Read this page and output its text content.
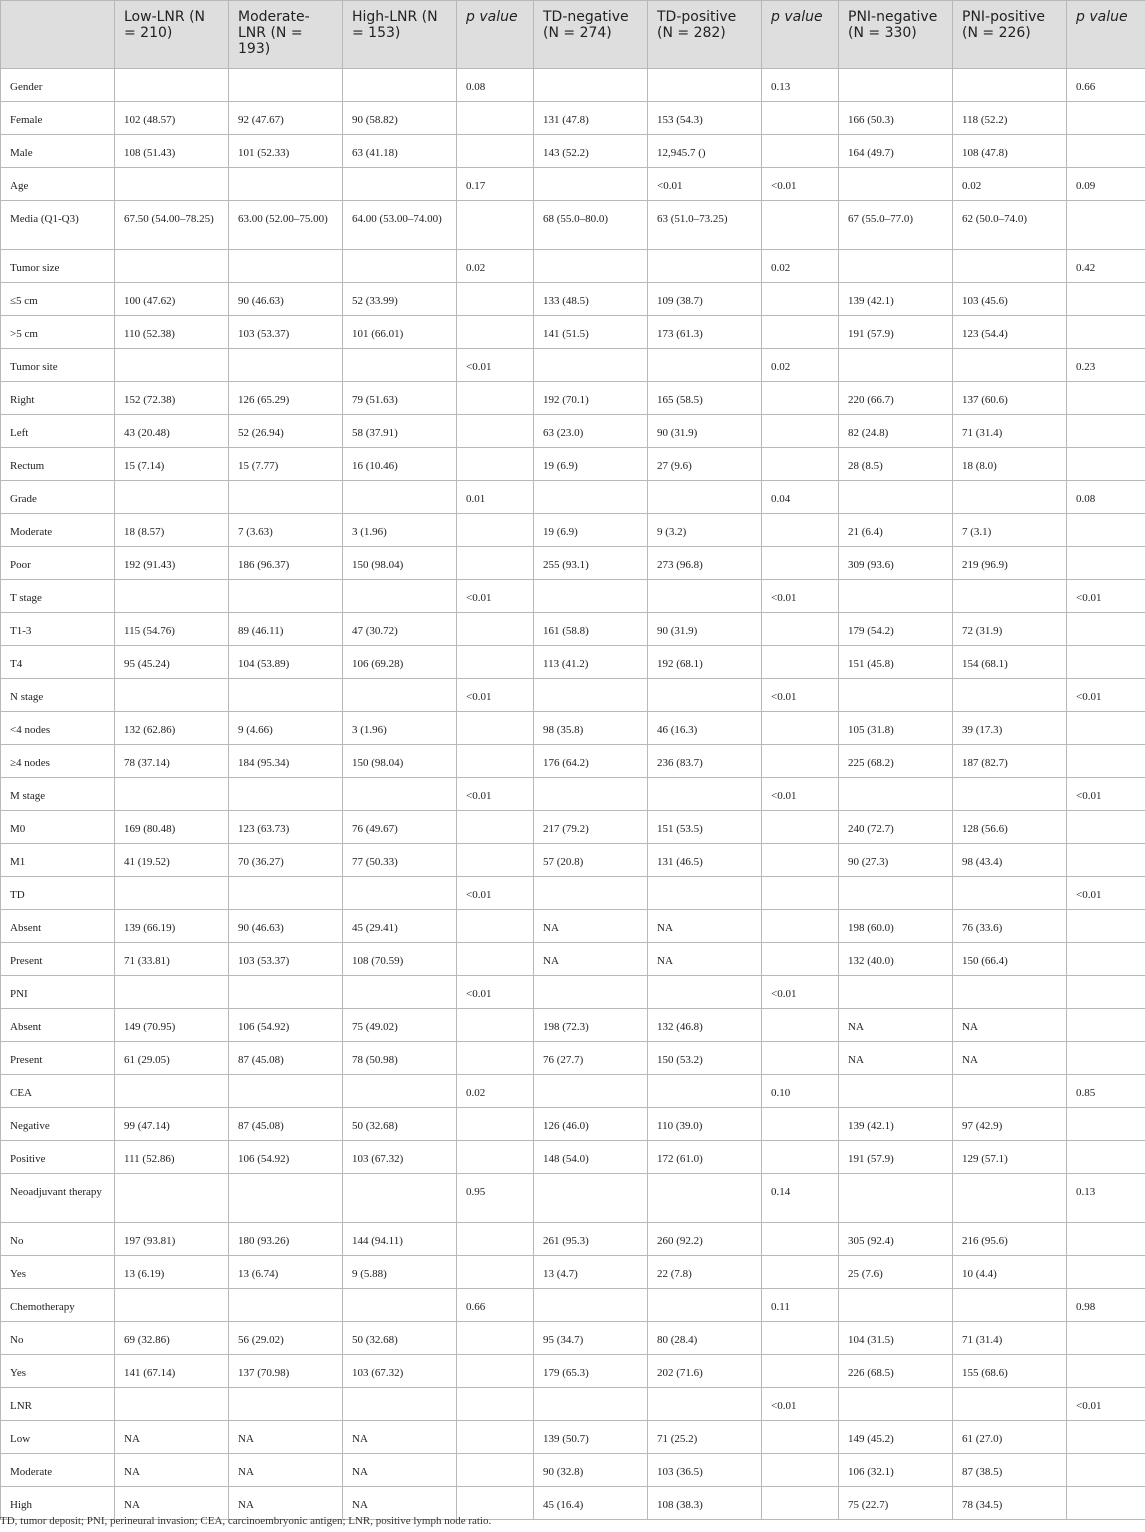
	Low-LNR (N = 210)	Moderate-LNR (N = 193)	High-LNR (N = 153)	p value	TD-negative (N = 274)	TD-positive (N = 282)	p value	PNI-negative (N = 330)	PNI-positive (N = 226)	p value
Gender				0.08			0.13			0.66
Female	102 (48.57)	92 (47.67)	90 (58.82)		131 (47.8)	153 (54.3)		166 (50.3)	118 (52.2)	
Male	108 (51.43)	101 (52.33)	63 (41.18)		143 (52.2)	12,945.7 ()		164 (49.7)	108 (47.8)	
Age				0.17		<0.01	<0.01		0.02	0.09
Media (Q1-Q3)	67.50 (54.00–78.25)	63.00 (52.00–75.00)	64.00 (53.00–74.00)		68 (55.0–80.0)	63 (51.0–73.25)		67 (55.0–77.0)	62 (50.0–74.0)	
Tumor size				0.02			0.02			0.42
≤5 cm	100 (47.62)	90 (46.63)	52 (33.99)		133 (48.5)	109 (38.7)		139 (42.1)	103 (45.6)	
>5 cm	110 (52.38)	103 (53.37)	101 (66.01)		141 (51.5)	173 (61.3)		191 (57.9)	123 (54.4)	
Tumor site				<0.01			0.02			0.23
Right	152 (72.38)	126 (65.29)	79 (51.63)		192 (70.1)	165 (58.5)		220 (66.7)	137 (60.6)	
Left	43 (20.48)	52 (26.94)	58 (37.91)		63 (23.0)	90 (31.9)		82 (24.8)	71 (31.4)	
Rectum	15 (7.14)	15 (7.77)	16 (10.46)		19 (6.9)	27 (9.6)		28 (8.5)	18 (8.0)	
Grade				0.01			0.04			0.08
Moderate	18 (8.57)	7 (3.63)	3 (1.96)		19 (6.9)	9 (3.2)		21 (6.4)	7 (3.1)	
Poor	192 (91.43)	186 (96.37)	150 (98.04)		255 (93.1)	273 (96.8)		309 (93.6)	219 (96.9)	
T stage				<0.01			<0.01			<0.01
T1-3	115 (54.76)	89 (46.11)	47 (30.72)		161 (58.8)	90 (31.9)		179 (54.2)	72 (31.9)	
T4	95 (45.24)	104 (53.89)	106 (69.28)		113 (41.2)	192 (68.1)		151 (45.8)	154 (68.1)	
N stage				<0.01			<0.01			<0.01
<4 nodes	132 (62.86)	9 (4.66)	3 (1.96)		98 (35.8)	46 (16.3)		105 (31.8)	39 (17.3)	
≥4 nodes	78 (37.14)	184 (95.34)	150 (98.04)		176 (64.2)	236 (83.7)		225 (68.2)	187 (82.7)	
M stage				<0.01			<0.01			<0.01
M0	169 (80.48)	123 (63.73)	76 (49.67)		217 (79.2)	151 (53.5)		240 (72.7)	128 (56.6)	
M1	41 (19.52)	70 (36.27)	77 (50.33)		57 (20.8)	131 (46.5)		90 (27.3)	98 (43.4)	
TD				<0.01						<0.01
Absent	139 (66.19)	90 (46.63)	45 (29.41)		NA	NA		198 (60.0)	76 (33.6)	
Present	71 (33.81)	103 (53.37)	108 (70.59)		NA	NA		132 (40.0)	150 (66.4)	
PNI				<0.01			<0.01			
Absent	149 (70.95)	106 (54.92)	75 (49.02)		198 (72.3)	132 (46.8)		NA	NA	
Present	61 (29.05)	87 (45.08)	78 (50.98)		76 (27.7)	150 (53.2)		NA	NA	
CEA				0.02			0.10			0.85
Negative	99 (47.14)	87 (45.08)	50 (32.68)		126 (46.0)	110 (39.0)		139 (42.1)	97 (42.9)	
Positive	111 (52.86)	106 (54.92)	103 (67.32)		148 (54.0)	172 (61.0)		191 (57.9)	129 (57.1)	
Neoadjuvant therapy				0.95			0.14			0.13
No	197 (93.81)	180 (93.26)	144 (94.11)		261 (95.3)	260 (92.2)		305 (92.4)	216 (95.6)	
Yes	13 (6.19)	13 (6.74)	9 (5.88)		13 (4.7)	22 (7.8)		25 (7.6)	10 (4.4)	
Chemotherapy				0.66			0.11			0.98
No	69 (32.86)	56 (29.02)	50 (32.68)		95 (34.7)	80 (28.4)		104 (31.5)	71 (31.4)	
Yes	141 (67.14)	137 (70.98)	103 (67.32)		179 (65.3)	202 (71.6)		226 (68.5)	155 (68.6)	
LNR							<0.01			<0.01
Low	NA	NA	NA		139 (50.7)	71 (25.2)		149 (45.2)	61 (27.0)	
Moderate	NA	NA	NA		90 (32.8)	103 (36.5)		106 (32.1)	87 (38.5)	
High	NA	NA	NA		45 (16.4)	108 (38.3)		75 (22.7)	78 (34.5)	
TD, tumor deposit; PNI, perineural invasion; CEA, carcinoembryonic antigen; LNR, positive lymph node ratio.
